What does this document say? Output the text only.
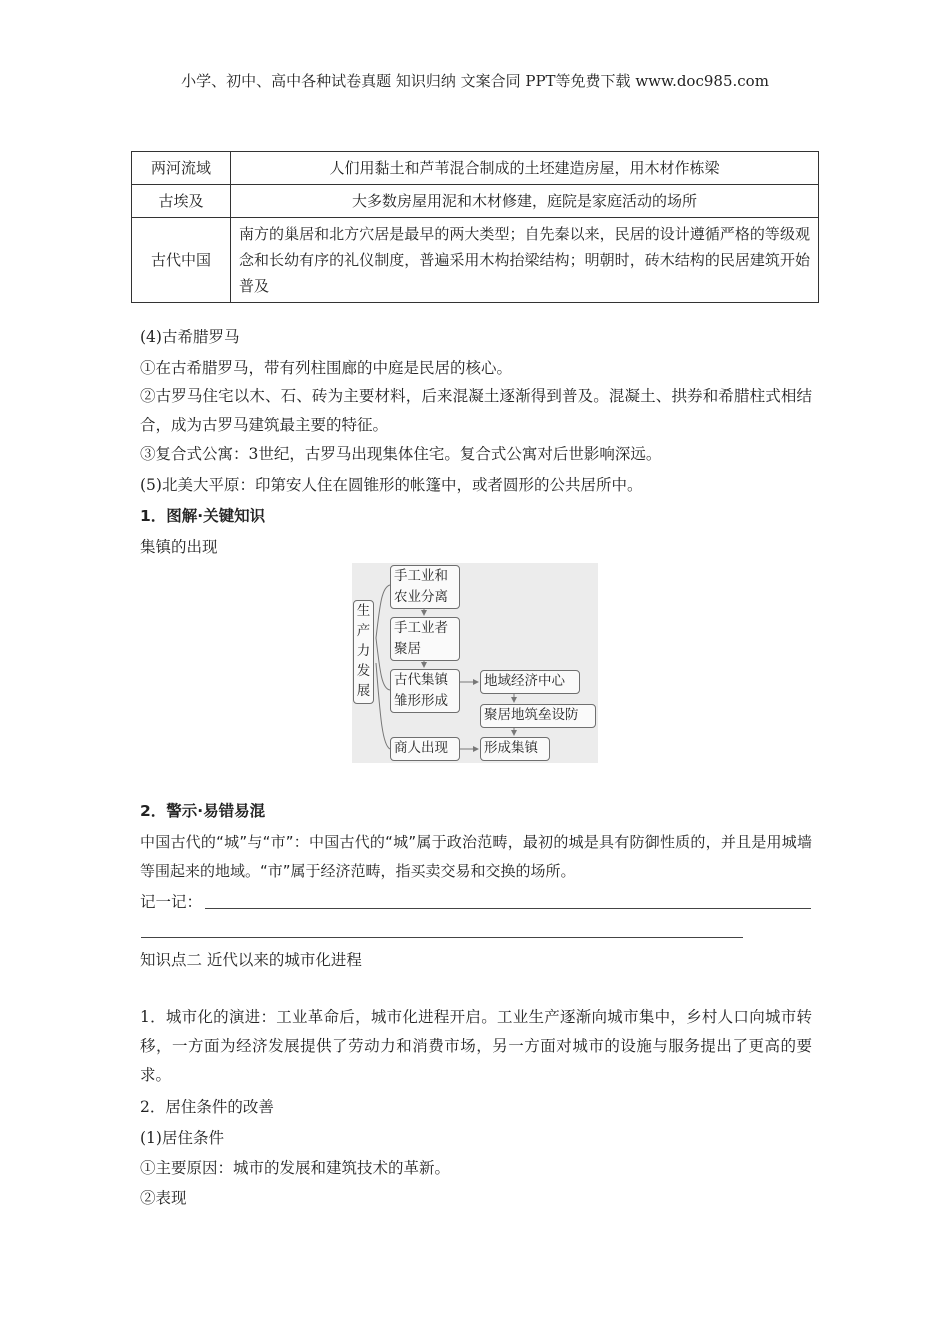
小学、初中、高中各种试卷真题 知识归纳 文案合同 PPT等免费下载 www.doc985.com
两河流域	人们用黏土和芦苇混合制成的土坯建造房屋，用木材作栋梁
古埃及	大多数房屋用泥和木材修建，庭院是家庭活动的场所
古代中国	南方的巢居和北方穴居是最早的两大类型；自先秦以来，民居的设计遵循严格的等级观念和长幼有序的礼仪制度，普遍采用木构抬梁结构；明朝时，砖木结构的民居建筑开始普及
(4)古希腊罗马
①在古希腊罗马，带有列柱围廊的中庭是民居的核心。
②古罗马住宅以木、石、砖为主要材料，后来混凝土逐渐得到普及。混凝土、拱券和希腊柱式相结合，成为古罗马建筑最主要的特征。
③复合式公寓：3世纪，古罗马出现集体住宅。复合式公寓对后世影响深远。
(5)北美大平原：印第安人住在圆锥形的帐篷中，或者圆形的公共居所中。
1．图解·关键知识
集镇的出现
生产力发展
手工业和农业分离
手工业者聚居
古代集镇雏形形成
商人出现
地域经济中心
聚居地筑垒设防
形成集镇
2．警示·易错易混
中国古代的“城”与“市”：中国古代的“城”属于政治范畴，最初的城是具有防御性质的，并且是用城墙等围起来的地域。“市”属于经济范畴，指买卖交易和交换的场所。
记一记：
知识点二 近代以来的城市化进程
1．城市化的演进：工业革命后，城市化进程开启。工业生产逐渐向城市集中，乡村人口向城市转移，一方面为经济发展提供了劳动力和消费市场，另一方面对城市的设施与服务提出了更高的要求。
2．居住条件的改善
(1)居住条件
①主要原因：城市的发展和建筑技术的革新。
②表现
